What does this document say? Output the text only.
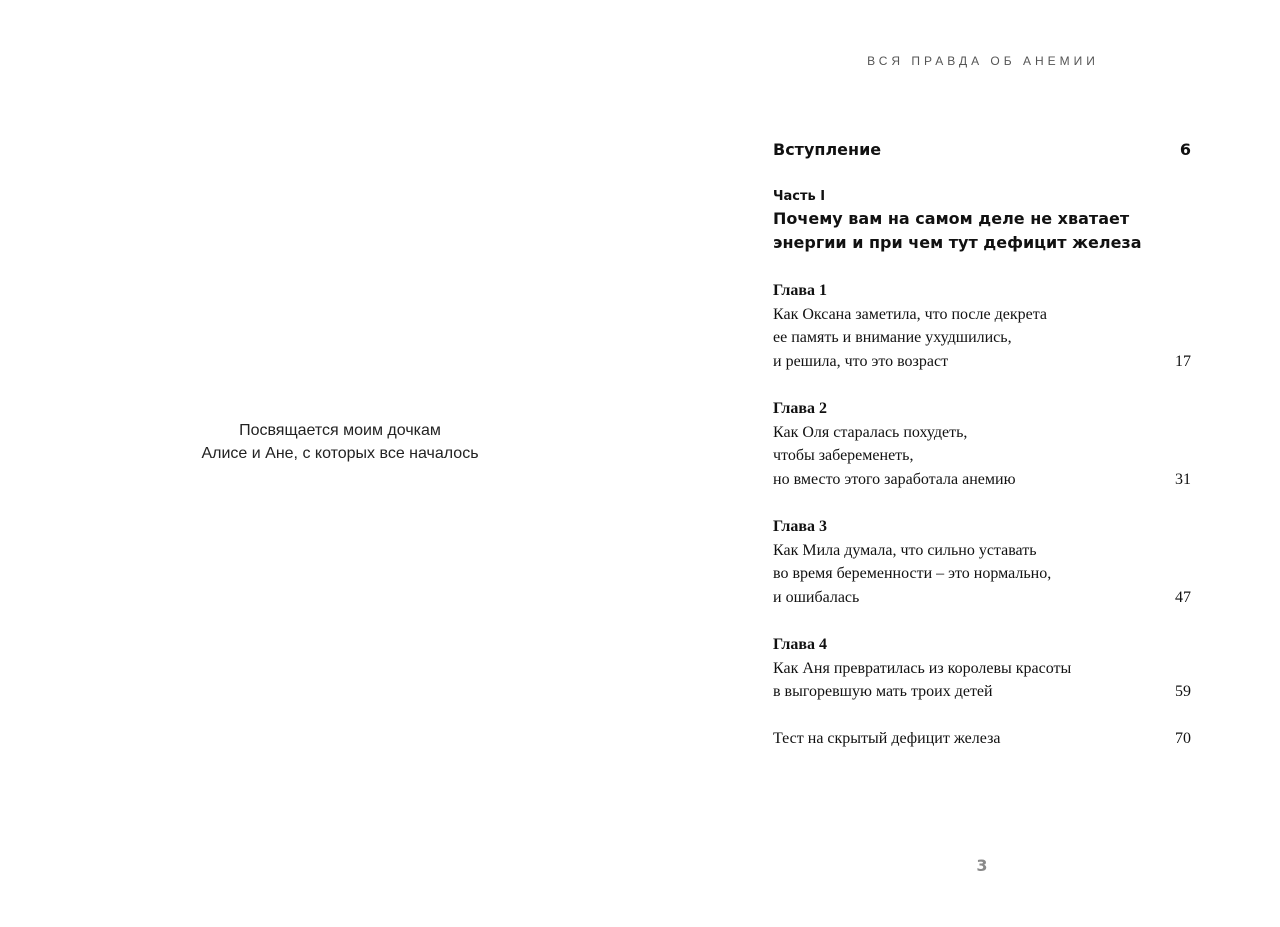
Посвящается моим дочкам
Алисе и Ане, с которых все началось
ВСЯ ПРАВДА ОБ АНЕМИИ
Вступление	6
Часть I
Почему вам на самом деле не хватает
энергии и при чем тут дефицит железа
Глава 1
Как Оксана заметила, что после декрета
ее память и внимание ухудшились,
и решила, что это возраст	17
Глава 2
Как Оля старалась похудеть,
чтобы забеременеть,
но вместо этого заработала анемию	31
Глава 3
Как Мила думала, что сильно уставать
во время беременности – это нормально,
и ошибалась	47
Глава 4
Как Аня превратилась из королевы красоты
в выгоревшую мать троих детей	59
Тест на скрытый дефицит железа	70
3
